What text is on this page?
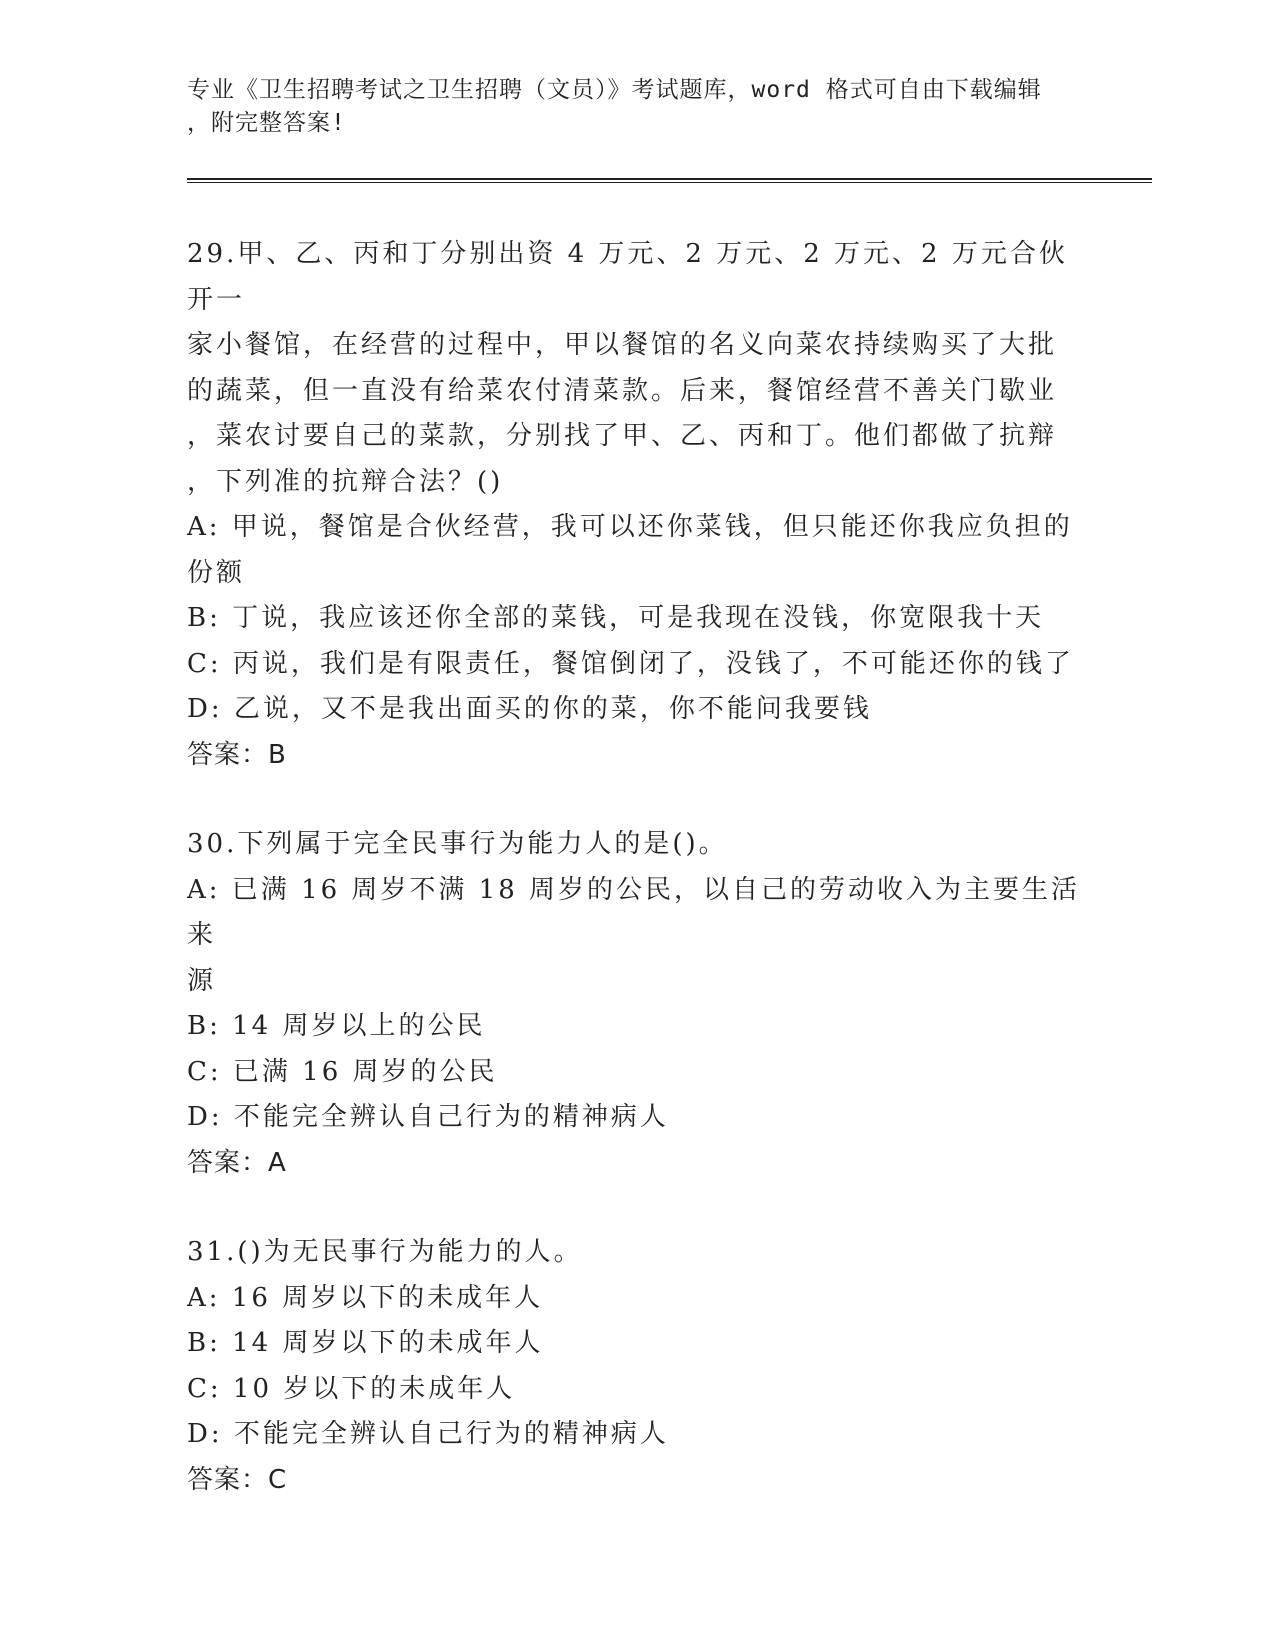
专业《卫生招聘考试之卫生招聘（文员）》考试题库，word 格式可自由下载编辑
，附完整答案!
29.甲、乙、丙和丁分别出资 4 万元、2 万元、2 万元、2 万元合伙开一
家小餐馆，在经营的过程中，甲以餐馆的名义向菜农持续购买了大批
的蔬菜，但一直没有给菜农付清菜款。后来，餐馆经营不善关门歇业
，菜农讨要自己的菜款，分别找了甲、乙、丙和丁。他们都做了抗辩
，下列准的抗辩合法？()
A: 甲说，餐馆是合伙经营，我可以还你菜钱，但只能还你我应负担的
份额
B: 丁说，我应该还你全部的菜钱，可是我现在没钱，你宽限我十天
C: 丙说，我们是有限责任，餐馆倒闭了，没钱了，不可能还你的钱了
D: 乙说，又不是我出面买的你的菜，你不能问我要钱
答案：B
30.下列属于完全民事行为能力人的是()。
A: 已满 16 周岁不满 18 周岁的公民，以自己的劳动收入为主要生活来
源
B: 14 周岁以上的公民
C: 已满 16 周岁的公民
D: 不能完全辨认自己行为的精神病人
答案：A
31.()为无民事行为能力的人。
A: 16 周岁以下的未成年人
B: 14 周岁以下的未成年人
C: 10 岁以下的未成年人
D: 不能完全辨认自己行为的精神病人
答案：C
